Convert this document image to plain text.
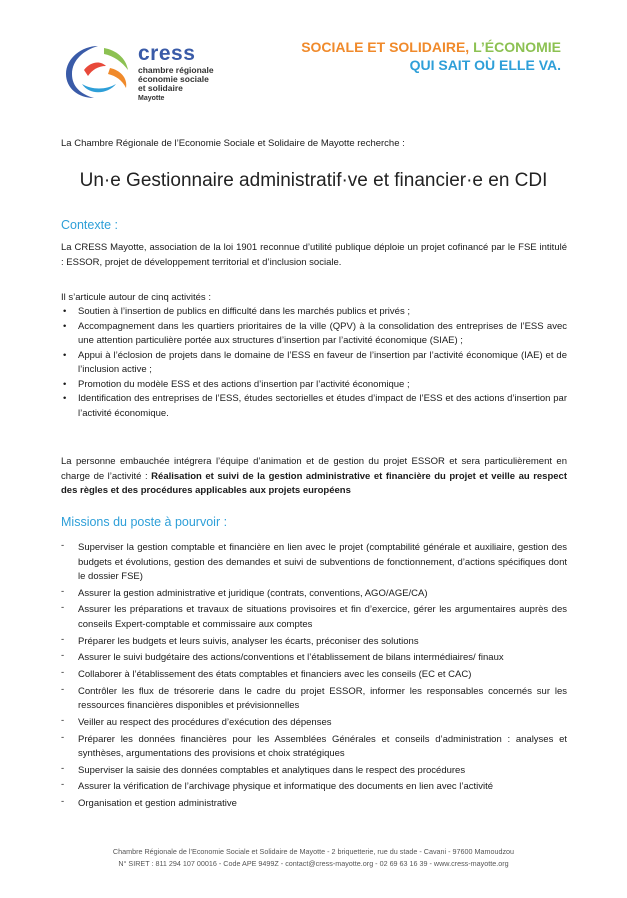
cress
chambre régionale
économie sociale
et solidaire
Mayotte
SOCIALE ET SOLIDAIRE, L’ÉCONOMIE
QUI SAIT OÙ ELLE VA.
La Chambre Régionale de l’Economie Sociale et Solidaire de Mayotte recherche :
Un·e Gestionnaire administratif·ve et financier·e en CDI
Contexte :
La CRESS Mayotte, association de la loi 1901 reconnue d’utilité publique déploie un projet cofinancé par le FSE intitulé : ESSOR, projet de développement territorial et d’inclusion sociale.
Il s’articule autour de cinq activités :
• Soutien à l’insertion de publics en difficulté dans les marchés publics et privés ;
• Accompagnement dans les quartiers prioritaires de la ville (QPV) à la consolidation des entreprises de l’ESS avec une attention particulière portée aux structures d’insertion par l’activité économique (SIAE) ;
• Appui à l’éclosion de projets dans le domaine de l’ESS en faveur de l’insertion par l’activité économique (IAE) et de l’inclusion active ;
• Promotion du modèle ESS et des actions d’insertion par l’activité économique ;
• Identification des entreprises de l’ESS, études sectorielles et études d’impact de l’ESS et des actions d’insertion par l’activité économique.
La personne embauchée intégrera l’équipe d’animation et de gestion du projet ESSOR et sera particulièrement en charge de l’activité : Réalisation et suivi de la gestion administrative et financière du projet et veille au respect des règles et des procédures applicables aux projets européens
Missions du poste à pourvoir :
- Superviser la gestion comptable et financière en lien avec le projet (comptabilité générale et auxiliaire, gestion des budgets et évolutions, gestion des demandes et suivi de subventions de fonctionnement, d’actions spécifiques dont le dossier FSE)
- Assurer la gestion administrative et juridique (contrats, conventions, AGO/AGE/CA)
- Assurer les préparations et travaux de situations provisoires et fin d’exercice, gérer les argumentaires auprès des conseils Expert-comptable et commissaire aux comptes
- Préparer les budgets et leurs suivis, analyser les écarts, préconiser des solutions
- Assurer le suivi budgétaire des actions/conventions et l’établissement de bilans intermédiaires/ finaux
- Collaborer à l’établissement des états comptables et financiers avec les conseils (EC et CAC)
- Contrôler les flux de trésorerie dans le cadre du projet ESSOR, informer les responsables concernés sur les ressources financières disponibles et prévisionnelles
- Veiller au respect des procédures d’exécution des dépenses
- Préparer les données financières pour les Assemblées Générales et conseils d’administration : analyses et synthèses, argumentations des provisions et choix stratégiques
- Superviser la saisie des données comptables et analytiques dans le respect des procédures
- Assurer la vérification de l’archivage physique et informatique des documents en lien avec l’activité
- Organisation et gestion administrative
Chambre Régionale de l’Economie Sociale et Solidaire de Mayotte - 2 briquetterie, rue du stade - Cavani - 97600 Mamoudzou
N° SIRET : 811 294 107 00016 - Code APE 9499Z - contact@cress-mayotte.org - 02 69 63 16 39 - www.cress-mayotte.org
